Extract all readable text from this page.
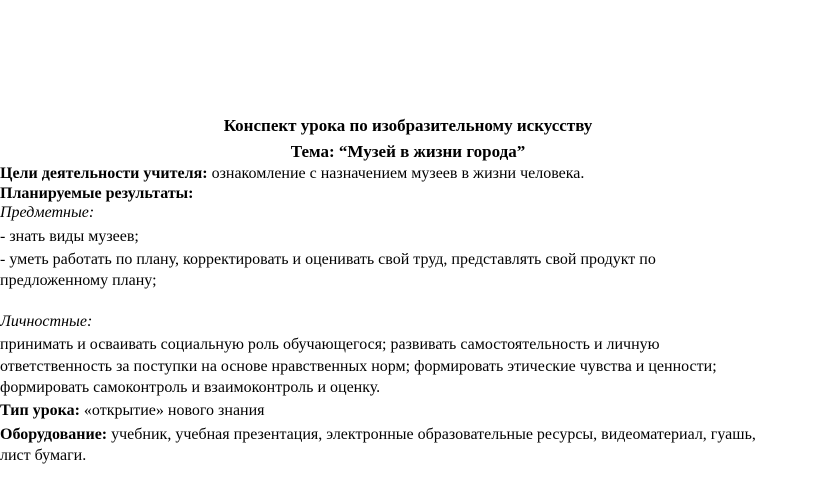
Конспект урока по изобразительному искусству
Тема: “Музей в жизни города”
Цели деятельности учителя: ознакомление с назначением музеев в жизни человека.
Планируемые результаты:
Предметные:
- знать виды музеев;
- уметь работать по плану, корректировать и оценивать свой труд, представлять свой продукт по
предложенному плану;
Личностные:
принимать и осваивать социальную роль обучающегося; развивать самостоятельность и личную
ответственность за поступки на основе нравственных норм; формировать этические чувства и ценности;
формировать самоконтроль и взаимоконтроль и оценку.
Тип урока: «открытие» нового знания
Оборудование: учебник, учебная презентация, электронные образовательные ресурсы, видеоматериал, гуашь,
лист бумаги.
